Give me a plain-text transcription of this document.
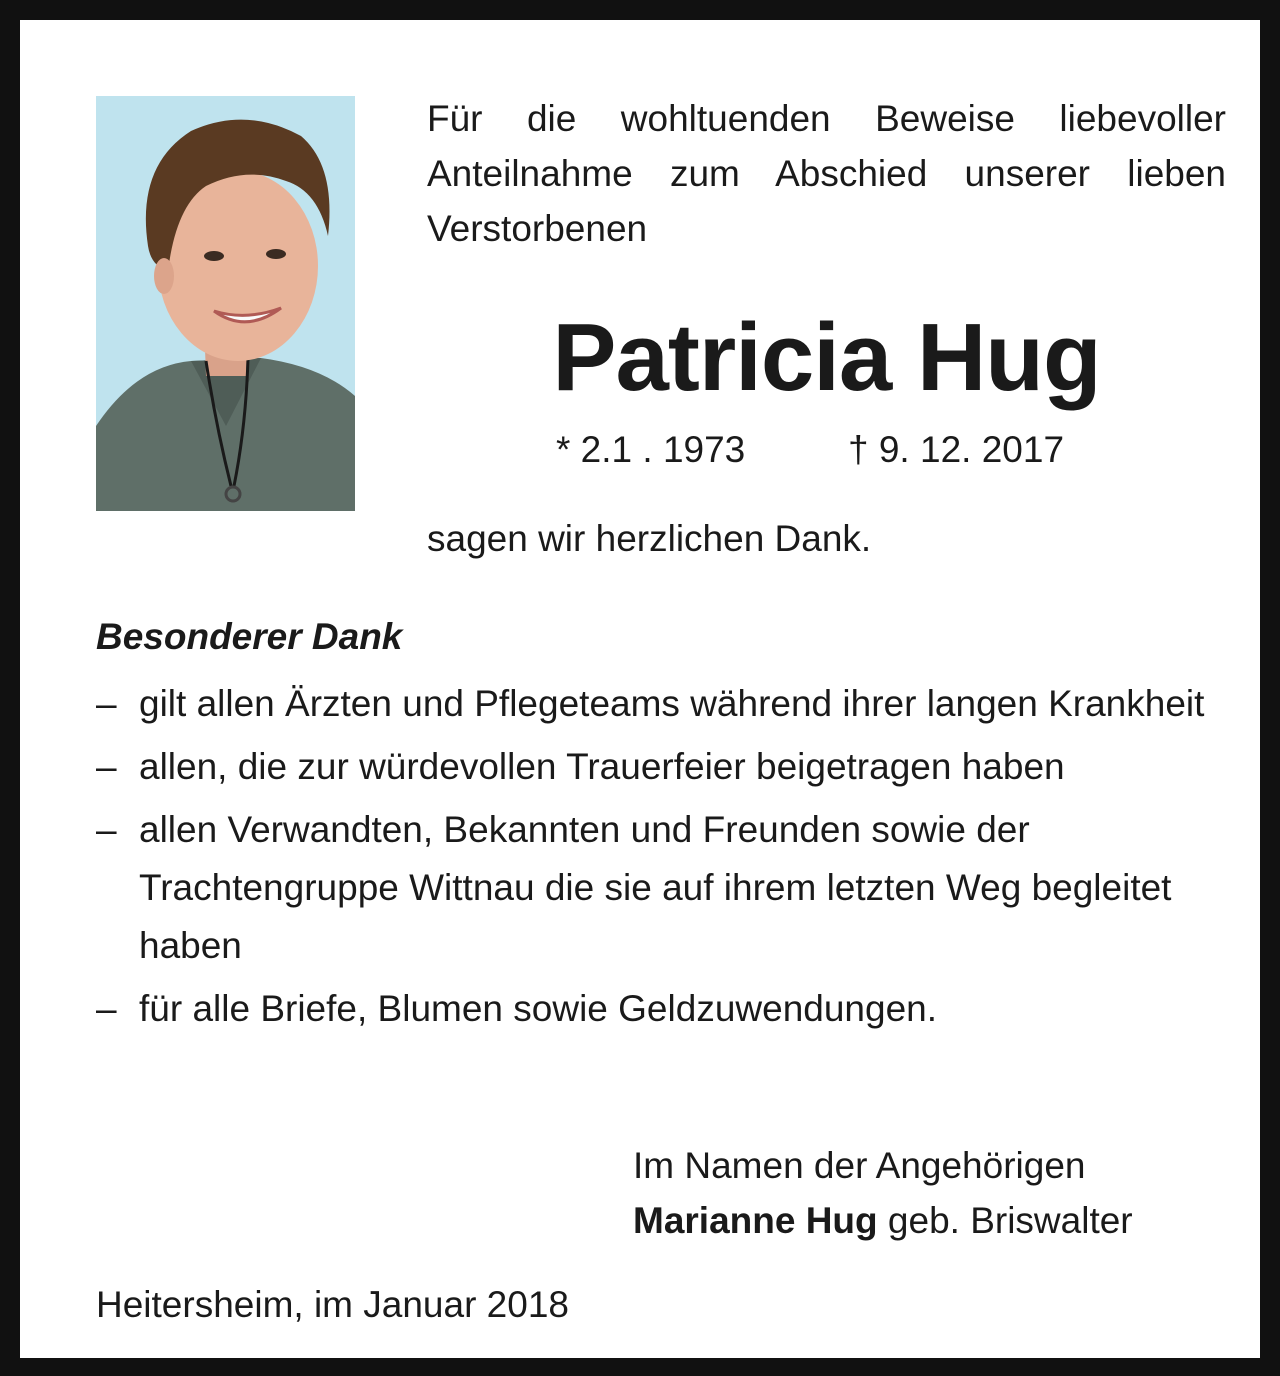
Für die wohltuenden Beweise liebevoller Anteilnahme zum Abschied unserer lieben Verstorbenen

Patricia Hug

* 2.1 . 1973	† 9. 12. 2017

sagen wir herzlichen Dank.

Besonderer Dank

– gilt allen Ärzten und Pflegeteams während ihrer langen Krankheit
– allen, die zur würdevollen Trauerfeier beigetragen haben
– allen Verwandten, Bekannten und Freunden sowie der Trachtengruppe Wittnau die sie auf ihrem letzten Weg begleitet haben
– für alle Briefe, Blumen sowie Geldzuwendungen.
Im Namen der Angehörigen
Marianne Hug geb. Briswalter

Heitersheim, im Januar 2018
